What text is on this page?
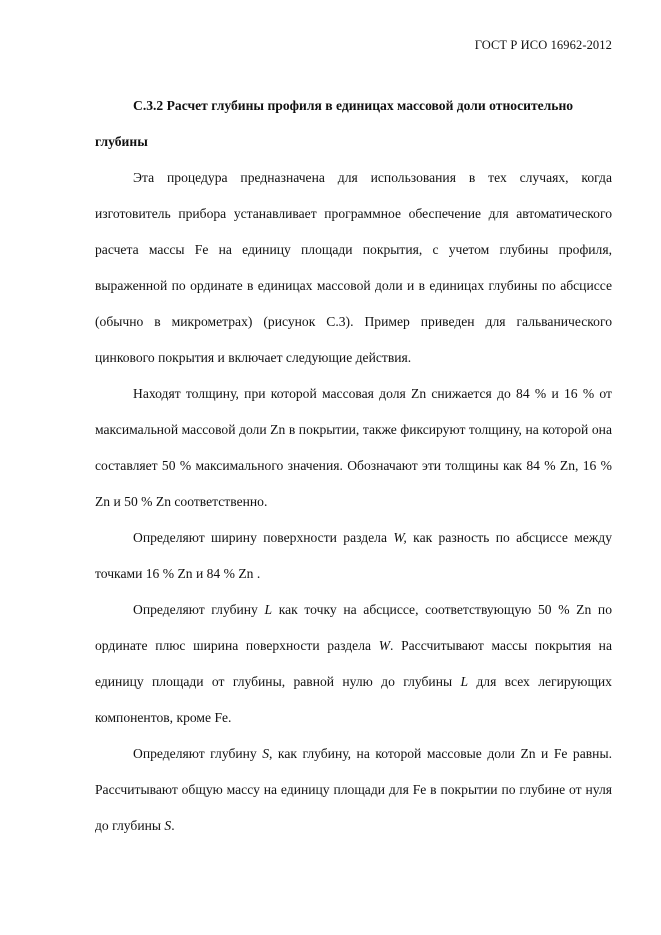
ГОСТ Р ИСО 16962-2012

С.3.2 Расчет глубины профиля в единицах массовой доли относительно глубины

Эта процедура предназначена для использования в тех случаях, когда изготовитель прибора устанавливает программное обеспечение для автоматического расчета массы Fe на единицу площади покрытия, с учетом глубины профиля, выраженной по ординате в единицах массовой доли и в единицах глубины по абсциссе (обычно в микрометрах) (рисунок С.3). Пример приведен для гальванического цинкового покрытия и включает следующие действия.

Находят толщину, при которой массовая доля Zn снижается до 84 % и 16 % от максимальной массовой доли Zn в покрытии, также фиксируют толщину, на которой она составляет 50 % максимального значения. Обозначают эти толщины как 84 % Zn, 16 % Zn и 50 % Zn соответственно.

Определяют ширину поверхности раздела W, как разность по абсциссе между точками 16 % Zn и 84 % Zn .

Определяют глубину L как точку на абсциссе, соответствующую 50 % Zn по ординате плюс ширина поверхности раздела W. Рассчитывают массы покрытия на единицу площади от глубины, равной нулю до глубины L для всех легирующих компонентов, кроме Fe.

Определяют глубину S, как глубину, на которой массовые доли Zn и Fe равны. Рассчитывают общую массу на единицу площади для Fe в покрытии по глубине от нуля до глубины S.
